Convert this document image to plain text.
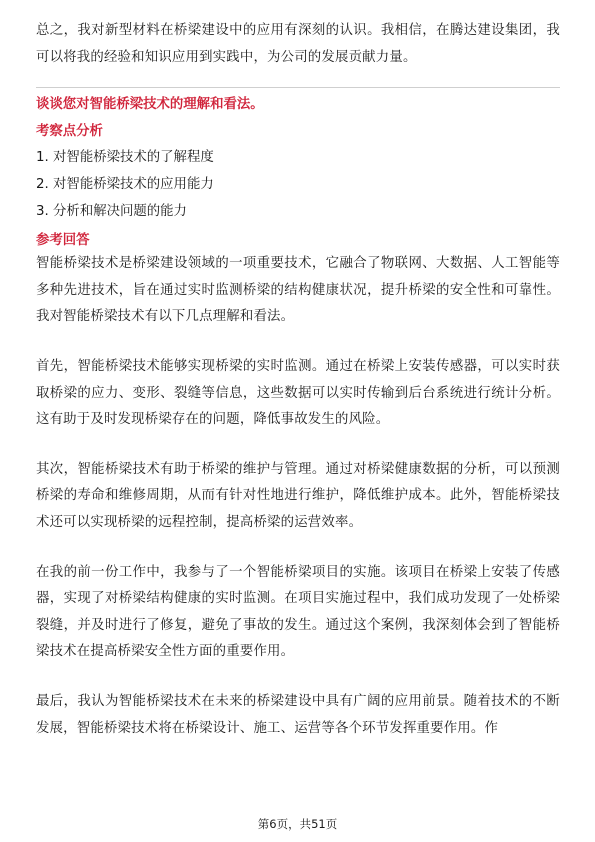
总之，我对新型材料在桥梁建设中的应用有深刻的认识。我相信，在腾达建设集团，我可以将我的经验和知识应用到实践中，为公司的发展贡献力量。

谈谈您对智能桥梁技术的理解和看法。

考察点分析

1. 对智能桥梁技术的了解程度
2. 对智能桥梁技术的应用能力
3. 分析和解决问题的能力

参考回答

智能桥梁技术是桥梁建设领域的一项重要技术，它融合了物联网、大数据、人工智能等多种先进技术，旨在通过实时监测桥梁的结构健康状况，提升桥梁的安全性和可靠性。我对智能桥梁技术有以下几点理解和看法。

首先，智能桥梁技术能够实现桥梁的实时监测。通过在桥梁上安装传感器，可以实时获取桥梁的应力、变形、裂缝等信息，这些数据可以实时传输到后台系统进行统计分析。这有助于及时发现桥梁存在的问题，降低事故发生的风险。

其次，智能桥梁技术有助于桥梁的维护与管理。通过对桥梁健康数据的分析，可以预测桥梁的寿命和维修周期，从而有针对性地进行维护，降低维护成本。此外，智能桥梁技术还可以实现桥梁的远程控制，提高桥梁的运营效率。

在我的前一份工作中，我参与了一个智能桥梁项目的实施。该项目在桥梁上安装了传感器，实现了对桥梁结构健康的实时监测。在项目实施过程中，我们成功发现了一处桥梁裂缝，并及时进行了修复，避免了事故的发生。通过这个案例，我深刻体会到了智能桥梁技术在提高桥梁安全性方面的重要作用。

最后，我认为智能桥梁技术在未来的桥梁建设中具有广阔的应用前景。随着技术的不断发展，智能桥梁技术将在桥梁设计、施工、运营等各个环节发挥重要作用。作

第6页，共51页
